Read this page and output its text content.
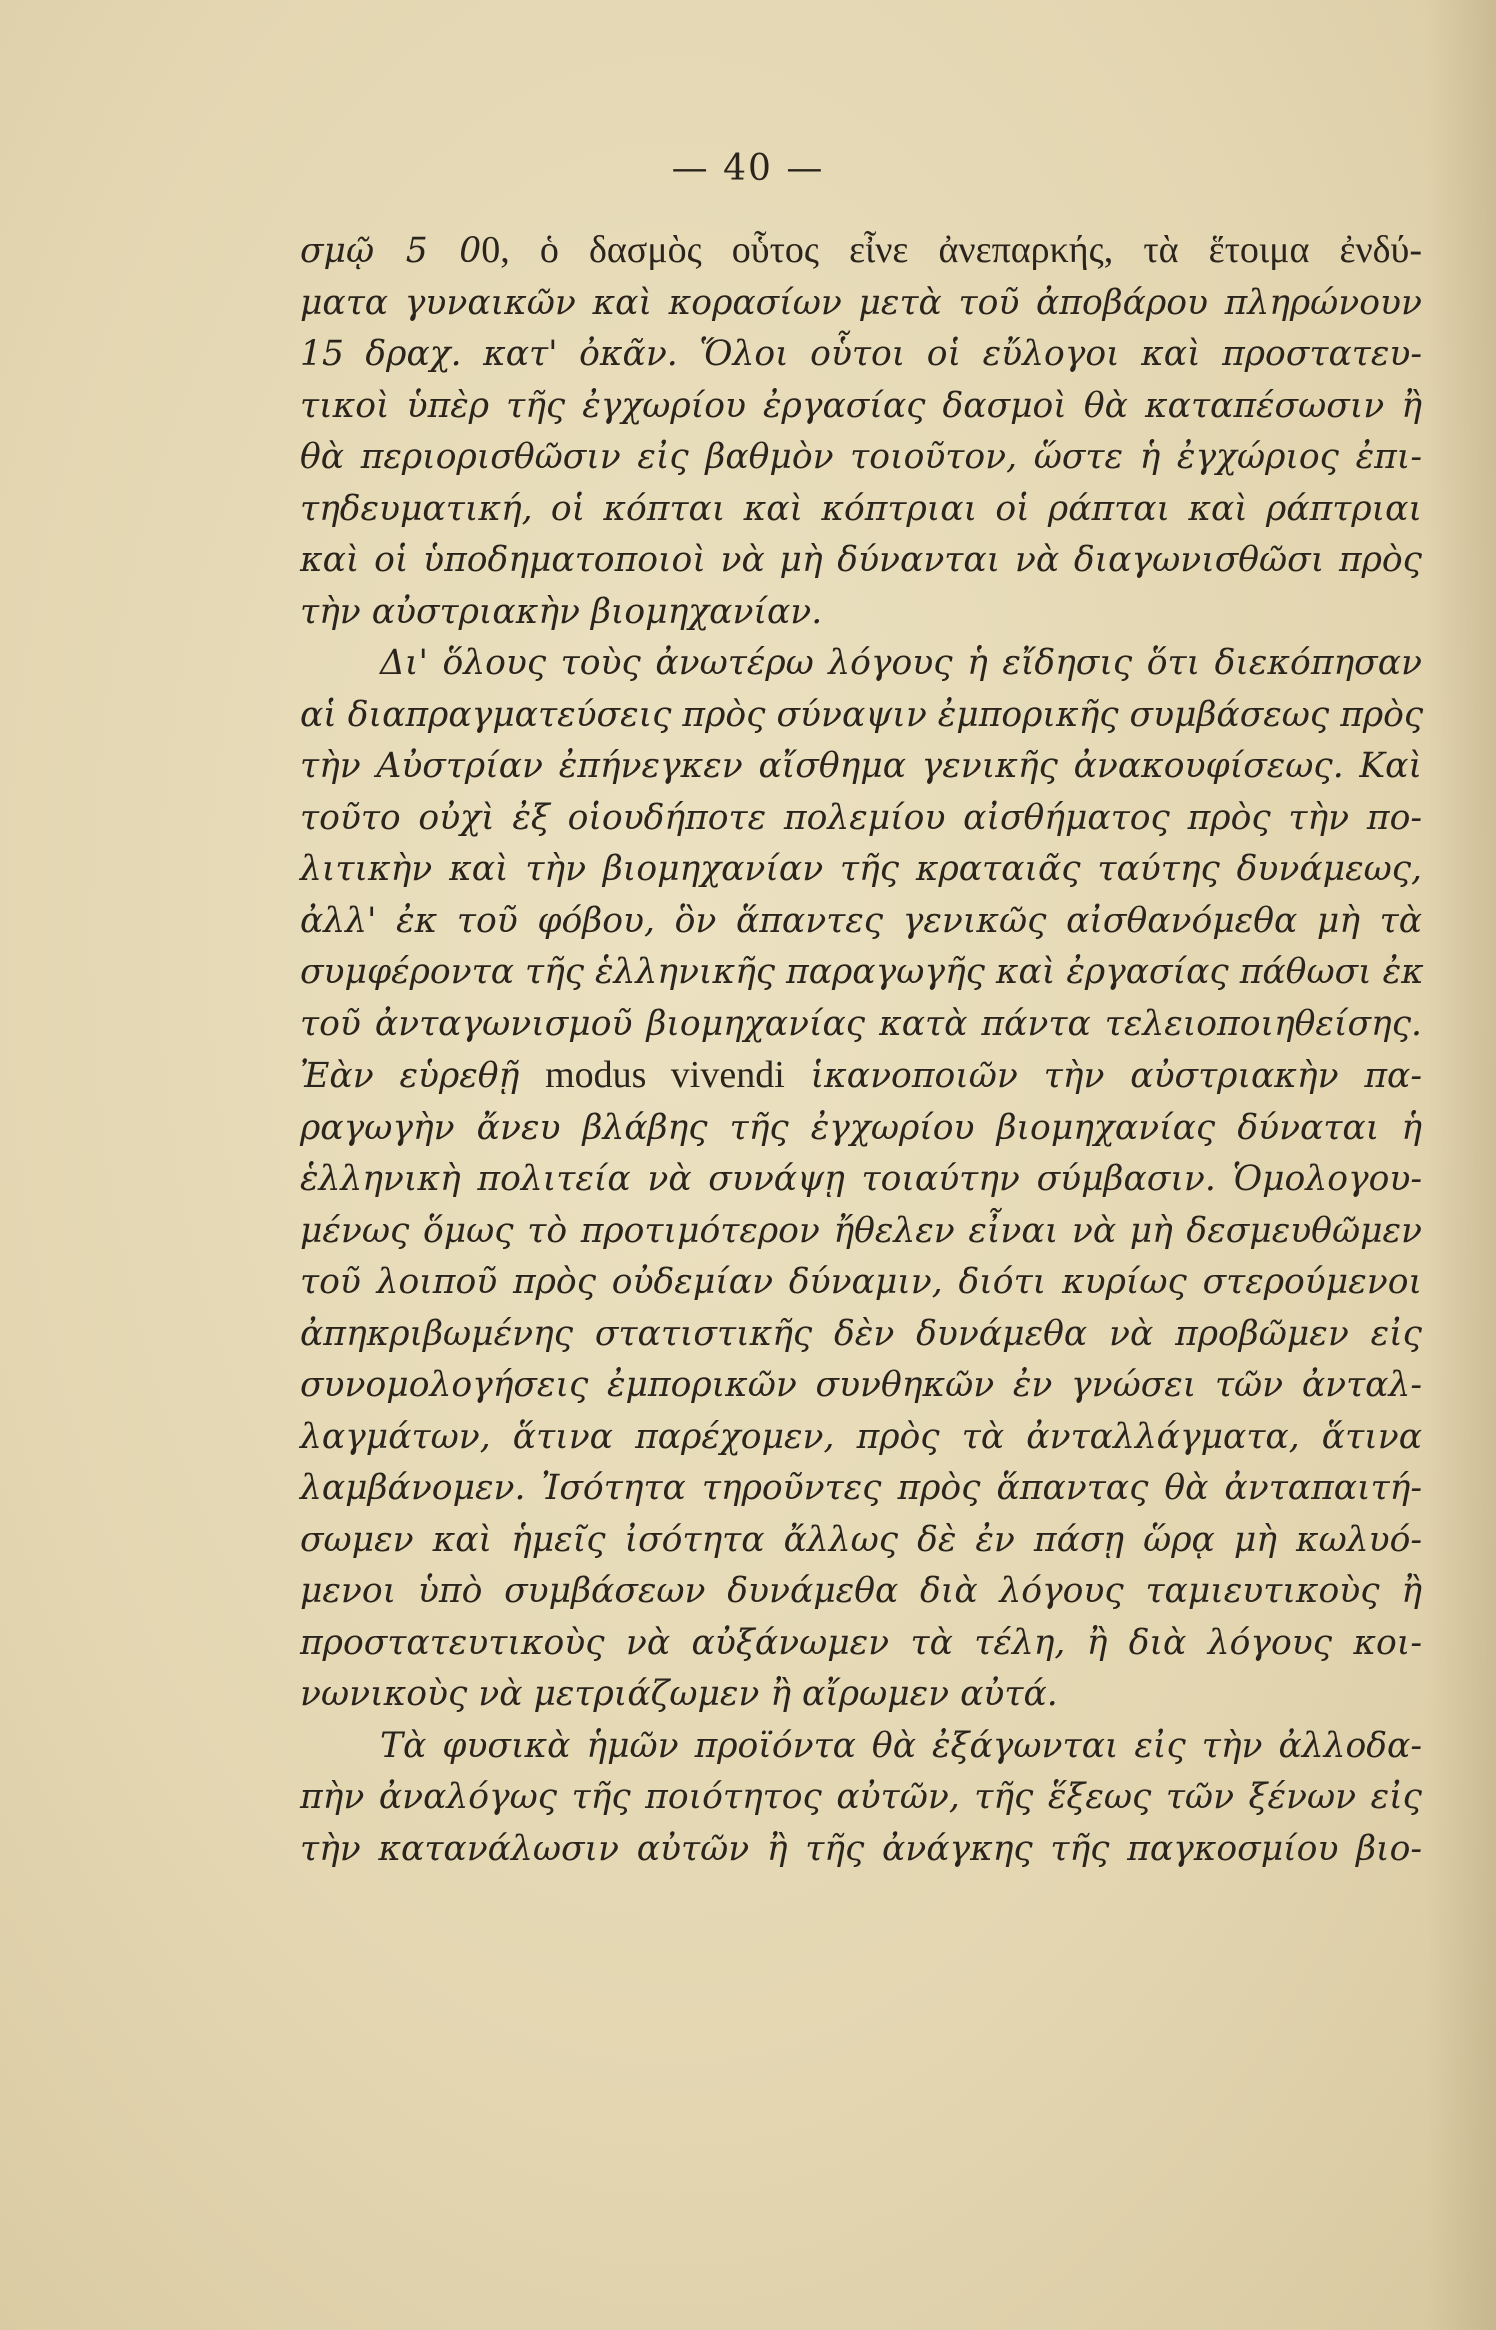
— 40 —
σμῷ 5 00, ὁ δασμὸς οὗτος εἶνε ἀνεπαρκής, τὰ ἕτοιμα ἐνδύ-
ματα γυναικῶν καὶ κορασίων μετὰ τοῦ ἀποβάρου πληρώνουν
15 δραχ. κατ' ὀκᾶν. Ὅλοι οὗτοι οἱ εὔλογοι καὶ προστατευ-
τικοὶ ὑπὲρ τῆς ἐγχωρίου ἐργασίας δασμοὶ θὰ καταπέσωσιν ἢ
θὰ περιορισθῶσιν εἰς βαθμὸν τοιοῦτον, ὥστε ἡ ἐγχώριος ἐπι-
τηδευματική, οἱ κόπται καὶ κόπτριαι οἱ ράπται καὶ ράπτριαι
καὶ οἱ ὑποδηματοποιοὶ νὰ μὴ δύνανται νὰ διαγωνισθῶσι πρὸς
τὴν αὐστριακὴν βιομηχανίαν.
Δι' ὅλους τοὺς ἀνωτέρω λόγους ἡ εἴδησις ὅτι διεκόπησαν
αἱ διαπραγματεύσεις πρὸς σύναψιν ἐμπορικῆς συμβάσεως πρὸς
τὴν Αὐστρίαν ἐπήνεγκεν αἴσθημα γενικῆς ἀνακουφίσεως. Καὶ
τοῦτο οὐχὶ ἐξ οἱουδήποτε πολεμίου αἰσθήματος πρὸς τὴν πο-
λιτικὴν καὶ τὴν βιομηχανίαν τῆς κραταιᾶς ταύτης δυνάμεως,
ἀλλ' ἐκ τοῦ φόβου, ὃν ἅπαντες γενικῶς αἰσθανόμεθα μὴ τὰ
συμφέροντα τῆς ἑλληνικῆς παραγωγῆς καὶ ἐργασίας πάθωσι ἐκ
τοῦ ἀνταγωνισμοῦ βιομηχανίας κατὰ πάντα τελειοποιηθείσης.
Ἐὰν εὑρεθῇ modus vivendi ἱκανοποιῶν τὴν αὐστριακὴν πα-
ραγωγὴν ἄνευ βλάβης τῆς ἐγχωρίου βιομηχανίας δύναται ἡ
ἑλληνικὴ πολιτεία νὰ συνάψῃ τοιαύτην σύμβασιν. Ὁμολογου-
μένως ὅμως τὸ προτιμότερον ἤθελεν εἶναι νὰ μὴ δεσμευθῶμεν
τοῦ λοιποῦ πρὸς οὐδεμίαν δύναμιν, διότι κυρίως στερούμενοι
ἀπηκριβωμένης στατιστικῆς δὲν δυνάμεθα νὰ προβῶμεν εἰς
συνομολογήσεις ἐμπορικῶν συνθηκῶν ἐν γνώσει τῶν ἀνταλ-
λαγμάτων, ἅτινα παρέχομεν, πρὸς τὰ ἀνταλλάγματα, ἅτινα
λαμβάνομεν. Ἰσότητα τηροῦντες πρὸς ἅπαντας θὰ ἀνταπαιτή-
σωμεν καὶ ἡμεῖς ἰσότητα ἄλλως δὲ ἐν πάσῃ ὥρᾳ μὴ κωλυό-
μενοι ὑπὸ συμβάσεων δυνάμεθα διὰ λόγους ταμιευτικοὺς ἢ
προστατευτικοὺς νὰ αὐξάνωμεν τὰ τέλη, ἢ διὰ λόγους κοι-
νωνικοὺς νὰ μετριάζωμεν ἢ αἴρωμεν αὐτά.
Τὰ φυσικὰ ἡμῶν προϊόντα θὰ ἐξάγωνται εἰς τὴν ἀλλοδα-
πὴν ἀναλόγως τῆς ποιότητος αὐτῶν, τῆς ἕξεως τῶν ξένων εἰς
τὴν κατανάλωσιν αὐτῶν ἢ τῆς ἀνάγκης τῆς παγκοσμίου βιο-
